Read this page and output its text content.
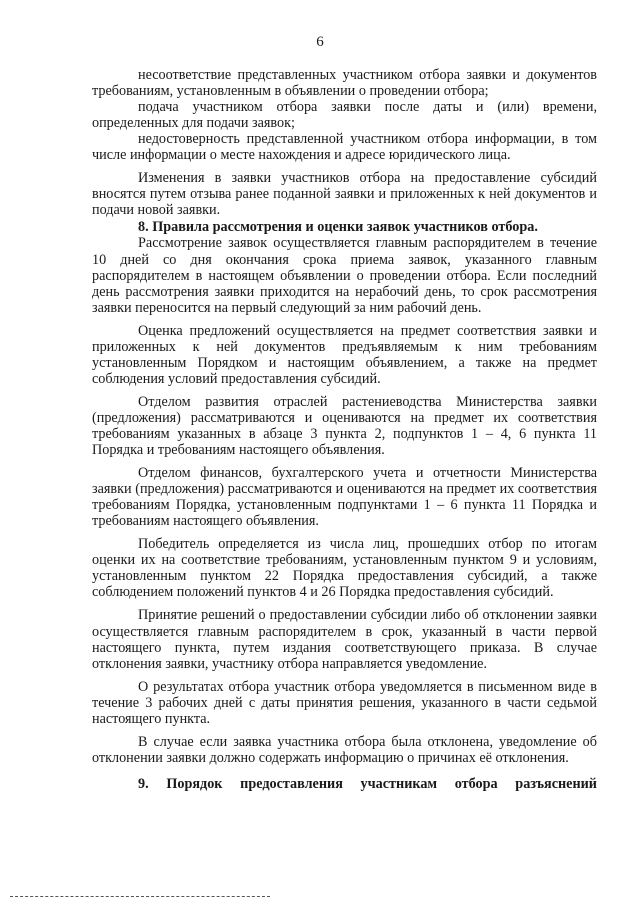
6

несоответствие представленных участником отбора заявки и документов требованиям, установленным в объявлении о проведении отбора;

подача участником отбора заявки после даты и (или) времени, определенных для подачи заявок;

недостоверность представленной участником отбора информации, в том числе информации о месте нахождения и адресе юридического лица.

Изменения в заявки участников отбора на предоставление субсидий вносятся путем отзыва ранее поданной заявки и приложенных к ней документов и подачи новой заявки.

8. Правила рассмотрения и оценки заявок участников отбора.

Рассмотрение заявок осуществляется главным распорядителем в течение 10 дней со дня окончания срока приема заявок, указанного главным распорядителем в настоящем объявлении о проведении отбора. Если последний день рассмотрения заявки приходится на нерабочий день, то срок рассмотрения заявки переносится на первый следующий за ним рабочий день.

Оценка предложений осуществляется на предмет соответствия заявки и приложенных к ней документов предъявляемым к ним требованиям установленным Порядком и настоящим объявлением, а также на предмет соблюдения условий предоставления субсидий.

Отделом развития отраслей растениеводства Министерства заявки (предложения) рассматриваются и оцениваются на предмет их соответствия требованиям указанных в абзаце 3 пункта 2, подпунктов 1 – 4, 6 пункта 11 Порядка и требованиям настоящего объявления.

Отделом финансов, бухгалтерского учета и отчетности Министерства заявки (предложения) рассматриваются и оцениваются на предмет их соответствия требованиям Порядка, установленным подпунктами 1 – 6 пункта 11 Порядка и требованиям настоящего объявления.

Победитель определяется из числа лиц, прошедших отбор по итогам оценки их на соответствие требованиям, установленным пунктом 9 и условиям, установленным пунктом 22 Порядка предоставления субсидий, а также соблюдением положений пунктов 4 и 26 Порядка предоставления субсидий.

Принятие решений о предоставлении субсидии либо об отклонении заявки осуществляется главным распорядителем в срок, указанный в части первой настоящего пункта, путем издания соответствующего приказа. В случае отклонения заявки, участнику отбора направляется уведомление.

О результатах отбора участник отбора уведомляется в письменном виде в течение 3 рабочих дней с даты принятия решения, указанного в части седьмой настоящего пункта.

В случае если заявка участника отбора была отклонена, уведомление об отклонении заявки должно содержать информацию о причинах её отклонения.

9. Порядок предоставления участникам отбора разъяснений
